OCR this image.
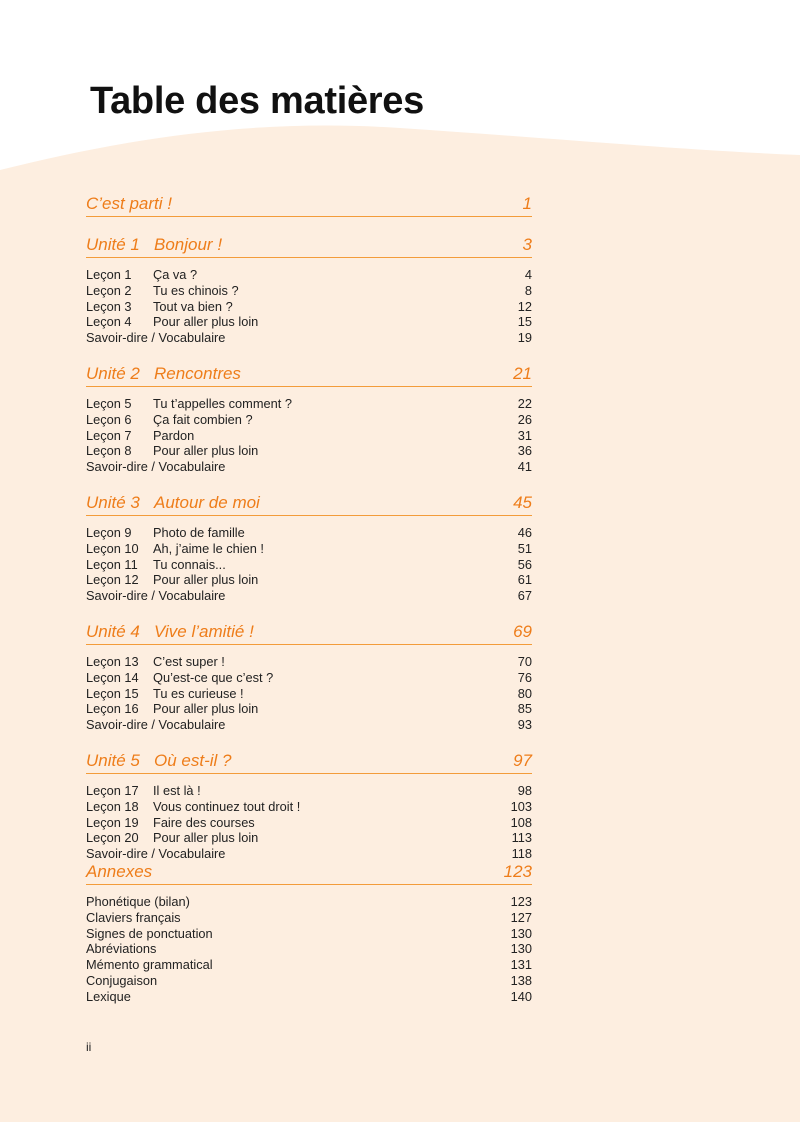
Table des matières
C’est parti !	1
Unité 1 Bonjour !	3
Leçon 1	Ça va ?	4
Leçon 2	Tu es chinois ?	8
Leçon 3	Tout va bien ?	12
Leçon 4	Pour aller plus loin	15
Savoir-dire / Vocabulaire	19
Unité 2 Rencontres	21
Leçon 5	Tu t’appelles comment ?	22
Leçon 6	Ça fait combien ?	26
Leçon 7	Pardon	31
Leçon 8	Pour aller plus loin	36
Savoir-dire / Vocabulaire	41
Unité 3 Autour de moi	45
Leçon 9	Photo de famille	46
Leçon 10	Ah, j’aime le chien !	51
Leçon 11	Tu connais...	56
Leçon 12	Pour aller plus loin	61
Savoir-dire / Vocabulaire	67
Unité 4 Vive l’amitié !	69
Leçon 13	C’est super !	70
Leçon 14	Qu’est-ce que c’est ?	76
Leçon 15	Tu es curieuse !	80
Leçon 16	Pour aller plus loin	85
Savoir-dire / Vocabulaire	93
Unité 5 Où est-il ?	97
Leçon 17	Il est là !	98
Leçon 18	Vous continuez tout droit !	103
Leçon 19	Faire des courses	108
Leçon 20	Pour aller plus loin	113
Savoir-dire / Vocabulaire	118
Annexes	123
Phonétique (bilan)	123
Claviers français	127
Signes de ponctuation	130
Abréviations	130
Mémento grammatical	131
Conjugaison	138
Lexique	140
ii
